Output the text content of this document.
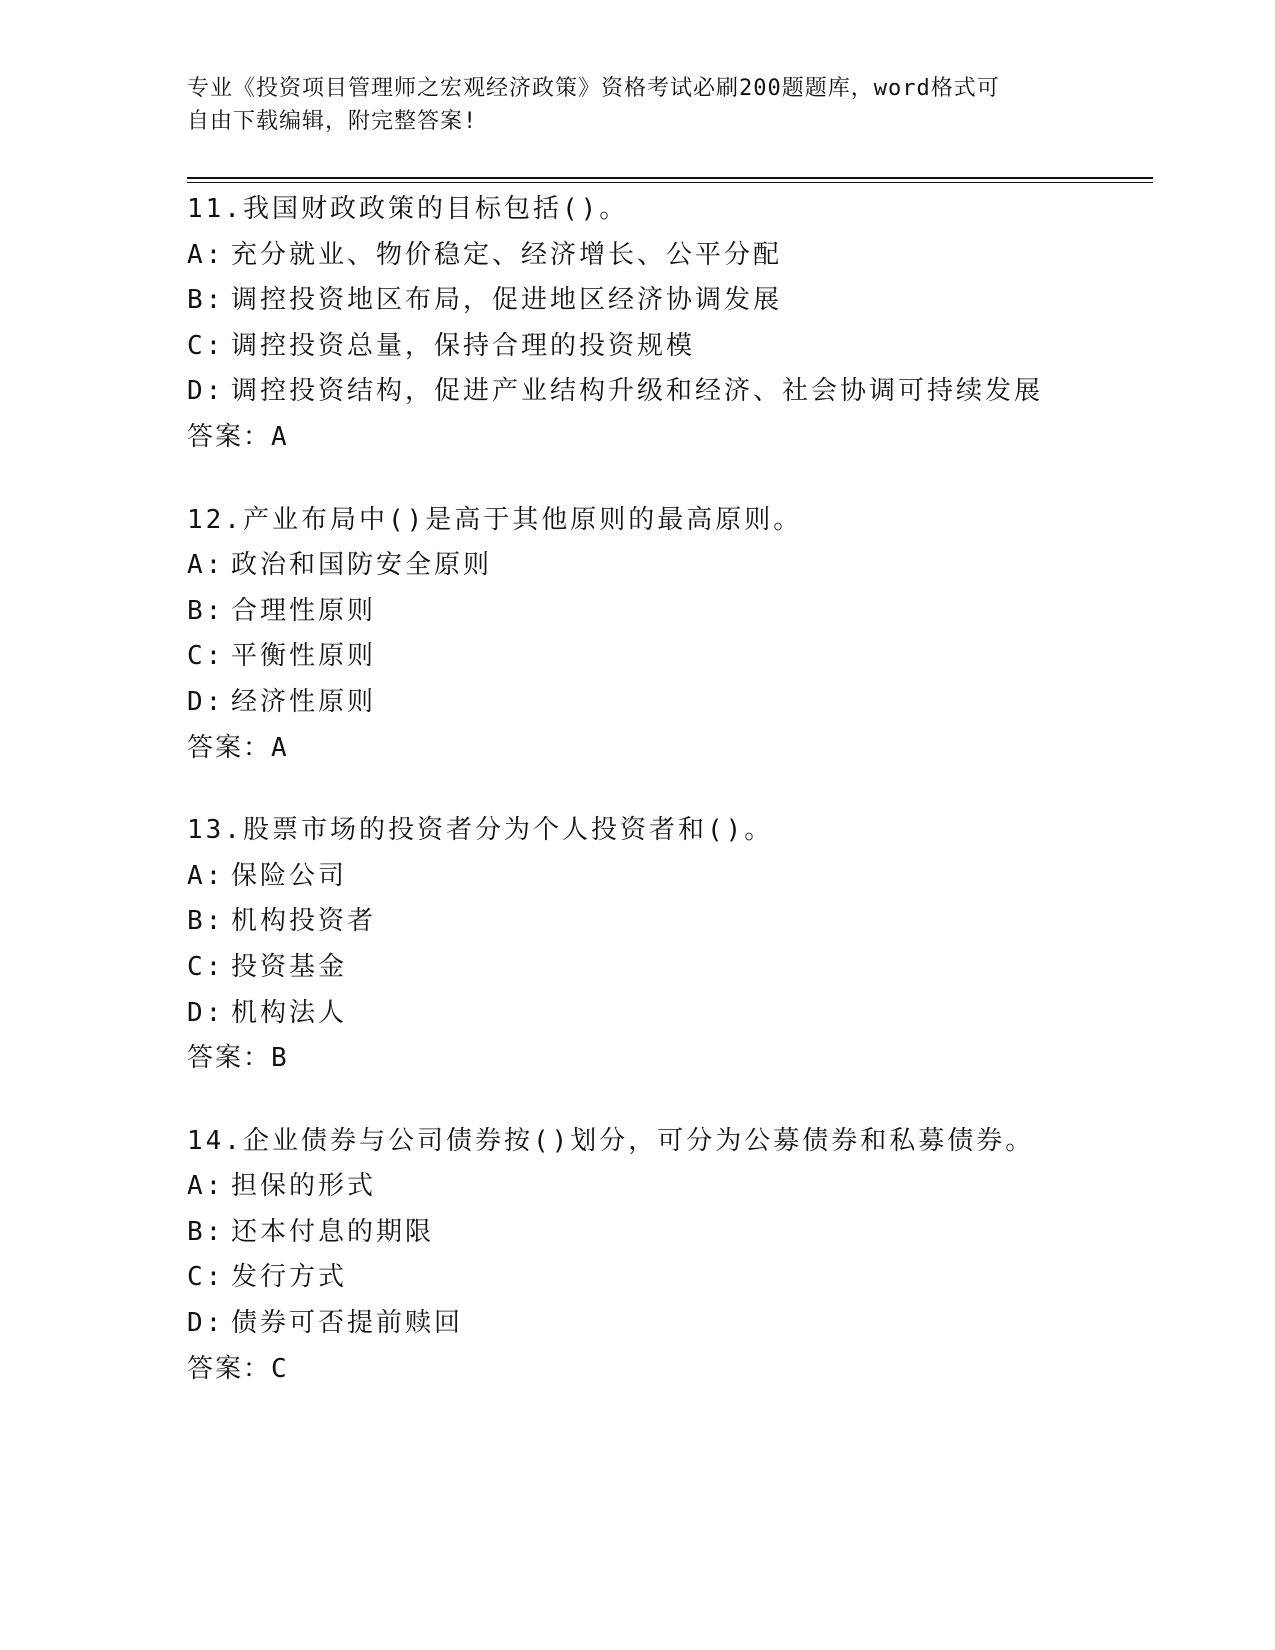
专业《投资项目管理师之宏观经济政策》资格考试必刷200题题库，word格式可
自由下载编辑，附完整答案!
11.我国财政政策的目标包括()。
A: 充分就业、物价稳定、经济增长、公平分配
B: 调控投资地区布局，促进地区经济协调发展
C: 调控投资总量，保持合理的投资规模
D: 调控投资结构，促进产业结构升级和经济、社会协调可持续发展
答案：A
12.产业布局中()是高于其他原则的最高原则。
A: 政治和国防安全原则
B: 合理性原则
C: 平衡性原则
D: 经济性原则
答案：A
13.股票市场的投资者分为个人投资者和()。
A: 保险公司
B: 机构投资者
C: 投资基金
D: 机构法人
答案：B
14.企业债券与公司债券按()划分，可分为公募债券和私募债券。
A: 担保的形式
B: 还本付息的期限
C: 发行方式
D: 债券可否提前赎回
答案：C
